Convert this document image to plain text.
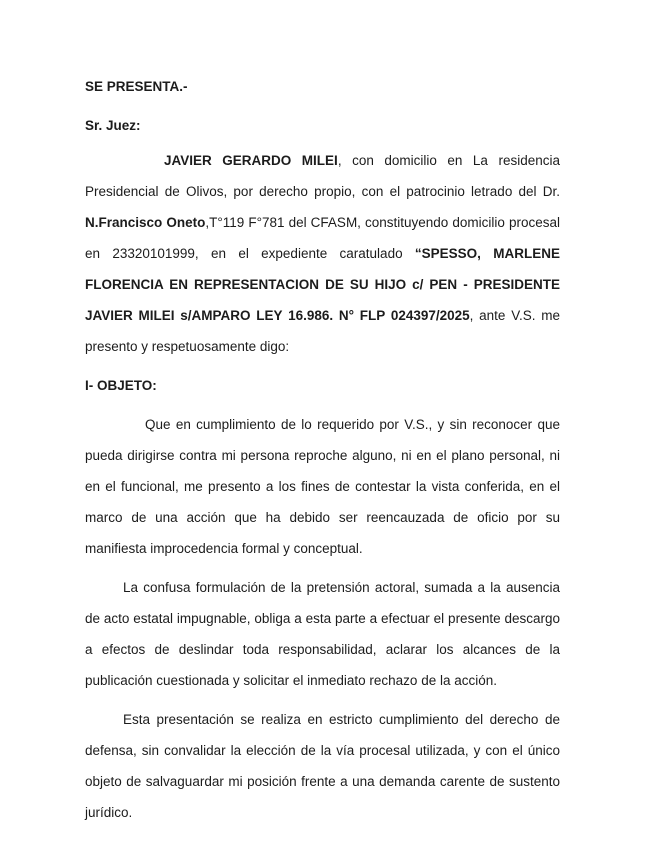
SE PRESENTA.-

Sr. Juez:

JAVIER GERARDO MILEI, con domicilio en La residencia Presidencial de Olivos, por derecho propio, con el patrocinio letrado del Dr. N.Francisco Oneto,T°119 F°781 del CFASM, constituyendo domicilio procesal en 23320101999, en el expediente caratulado “SPESSO, MARLENE FLORENCIA EN REPRESENTACION DE SU HIJO c/ PEN - PRESIDENTE JAVIER MILEI s/AMPARO LEY 16.986. N° FLP 024397/2025, ante V.S. me presento y respetuosamente digo:

I- OBJETO:

Que en cumplimiento de lo requerido por V.S., y sin reconocer que pueda dirigirse contra mi persona reproche alguno, ni en el plano personal, ni en el funcional, me presento a los fines de contestar la vista conferida, en el marco de una acción que ha debido ser reencauzada de oficio por su manifiesta improcedencia formal y conceptual.

La confusa formulación de la pretensión actoral, sumada a la ausencia de acto estatal impugnable, obliga a esta parte a efectuar el presente descargo a efectos de deslindar toda responsabilidad, aclarar los alcances de la publicación cuestionada y solicitar el inmediato rechazo de la acción.

Esta presentación se realiza en estricto cumplimiento del derecho de defensa, sin convalidar la elección de la vía procesal utilizada, y con el único objeto de salvaguardar mi posición frente a una demanda carente de sustento jurídico.
